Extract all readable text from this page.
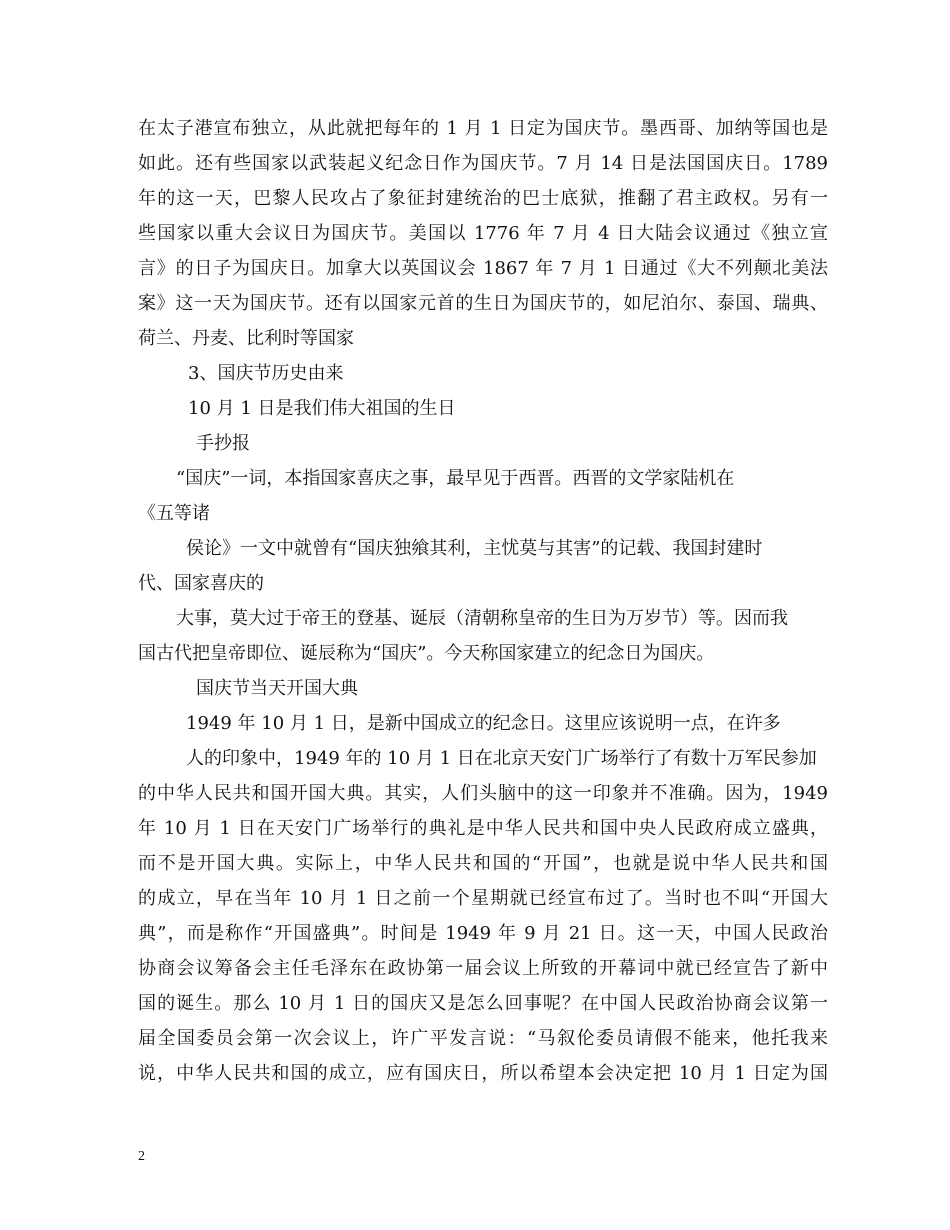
在太子港宣布独立，从此就把每年的 1 月 1 日定为国庆节。墨西哥、加纳等国也是
如此。还有些国家以武装起义纪念日作为国庆节。7 月 14 日是法国国庆日。1789
年的这一天，巴黎人民攻占了象征封建统治的巴士底狱，推翻了君主政权。另有一
些国家以重大会议日为国庆节。美国以 1776 年 7 月 4 日大陆会议通过《独立宣
言》的日子为国庆日。加拿大以英国议会 1867 年 7 月 1 日通过《大不列颠北美法
案》这一天为国庆节。还有以国家元首的生日为国庆节的，如尼泊尔、泰国、瑞典、
荷兰、丹麦、比利时等国家
3、国庆节历史由来
10 月 1 日是我们伟大祖国的生日
手抄报
“国庆”一词，本指国家喜庆之事，最早见于西晋。西晋的文学家陆机在
《五等诸
侯论》一文中就曾有“国庆独飨其利，主忧莫与其害”的记载、我国封建时
代、国家喜庆的
大事，莫大过于帝王的登基、诞辰（清朝称皇帝的生日为万岁节）等。因而我
国古代把皇帝即位、诞辰称为“国庆”。今天称国家建立的纪念日为国庆。
国庆节当天开国大典
1949 年 10 月 1 日，是新中国成立的纪念日。这里应该说明一点，在许多
人的印象中，1949 年的 10 月 1 日在北京天安门广场举行了有数十万军民参加
的中华人民共和国开国大典。其实，人们头脑中的这一印象并不准确。因为，1949
年 10 月 1 日在天安门广场举行的典礼是中华人民共和国中央人民政府成立盛典，
而不是开国大典。实际上，中华人民共和国的“开国”，也就是说中华人民共和国
的成立，早在当年 10 月 1 日之前一个星期就已经宣布过了。当时也不叫“开国大
典”，而是称作“开国盛典”。时间是 1949 年 9 月 21 日。这一天，中国人民政治
协商会议筹备会主任毛泽东在政协第一届会议上所致的开幕词中就已经宣告了新中
国的诞生。那么 10 月 1 日的国庆又是怎么回事呢？在中国人民政治协商会议第一
届全国委员会第一次会议上，许广平发言说：“马叙伦委员请假不能来，他托我来
说，中华人民共和国的成立，应有国庆日，所以希望本会决定把 10 月 1 日定为国
2
